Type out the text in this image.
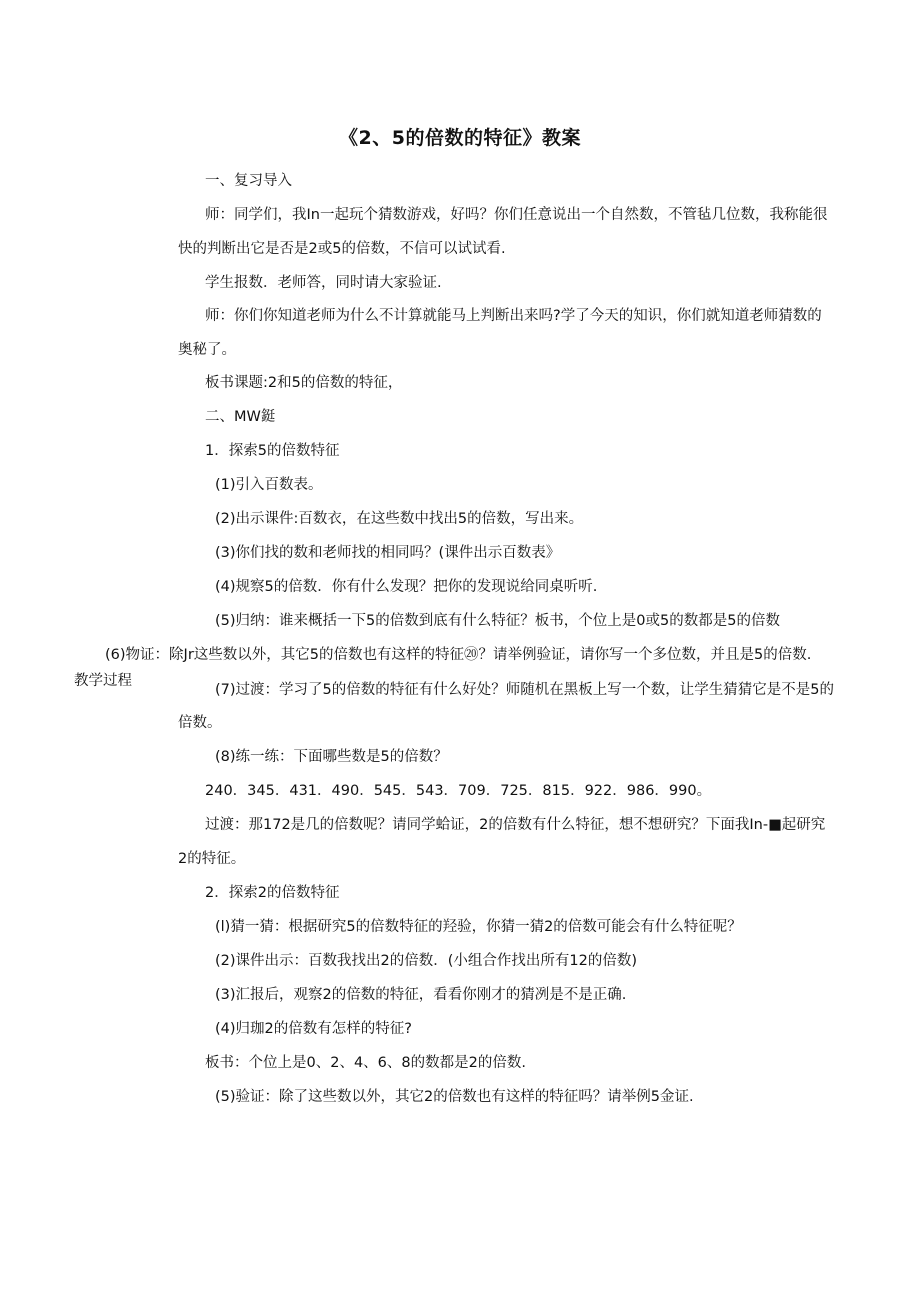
《2、5的倍数的特征》教案
教学过程
一、复习导入
师：同学们，我In一起玩个猜数游戏，好吗？你们任意说出一个自然数，不管毡几位数，我称能很
快的判断出它是否是2或5的倍数，不信可以试试看.
学生报数．老师答，同时请大家验证.
师：你们你知道老师为什么不计算就能马上判断出来吗?学了今天的知识，你们就知道老师猜数的
奥秘了。
板书课题:2和5的倍数的特征，
二、MW鋌
1．探索5的倍数特征
(1)引入百数表。
(2)出示课件:百数衣，在这些数中找出5的倍数，写出来。
(3)你们找的数和老师找的相同吗？(课件出示百数表》
(4)规察5的倍数．你有什么发现？把你的发现说给同桌听听.
(5)归纳：谁来概括一下5的倍数到底有什么特征？板书，个位上是0或5的数都是5的倍数
(6)物证：除Jr这些数以外，其它5的倍数也有这样的特征⑳？请举例验证，请你写一个多位数，并且是5的倍数.
(7)过渡：学习了5的倍数的特征有什么好处？师随机在黑板上写一个数，让学生猜猜它是不是5的
倍数。
(8)练一练：下面哪些数是5的倍数？
240．345．431．490．545．543．709．725．815．922．986．990。
过渡：那172是几的倍数呢？请同学蛤证，2的倍数有什么特征，想不想研究？下面我In-■起研究
2的特征。
2．探索2的倍数特征
(l)猜一猜：根据研究5的倍数特征的羟验，你猜一猜2的倍数可能会有什么特征呢？
(2)课件出示：百数我找出2的倍数．(小组合作找出所有12的倍数)
(3)汇报后，观察2的倍数的特征，看看你刚才的猜冽是不是正确.
(4)归珈2的倍数有怎样的特征?
板书：个位上是0、2、4、6、8的数都是2的倍数.
(5)验证：除了这些数以外，其它2的倍数也有这样的特征吗？请举例5金证.
